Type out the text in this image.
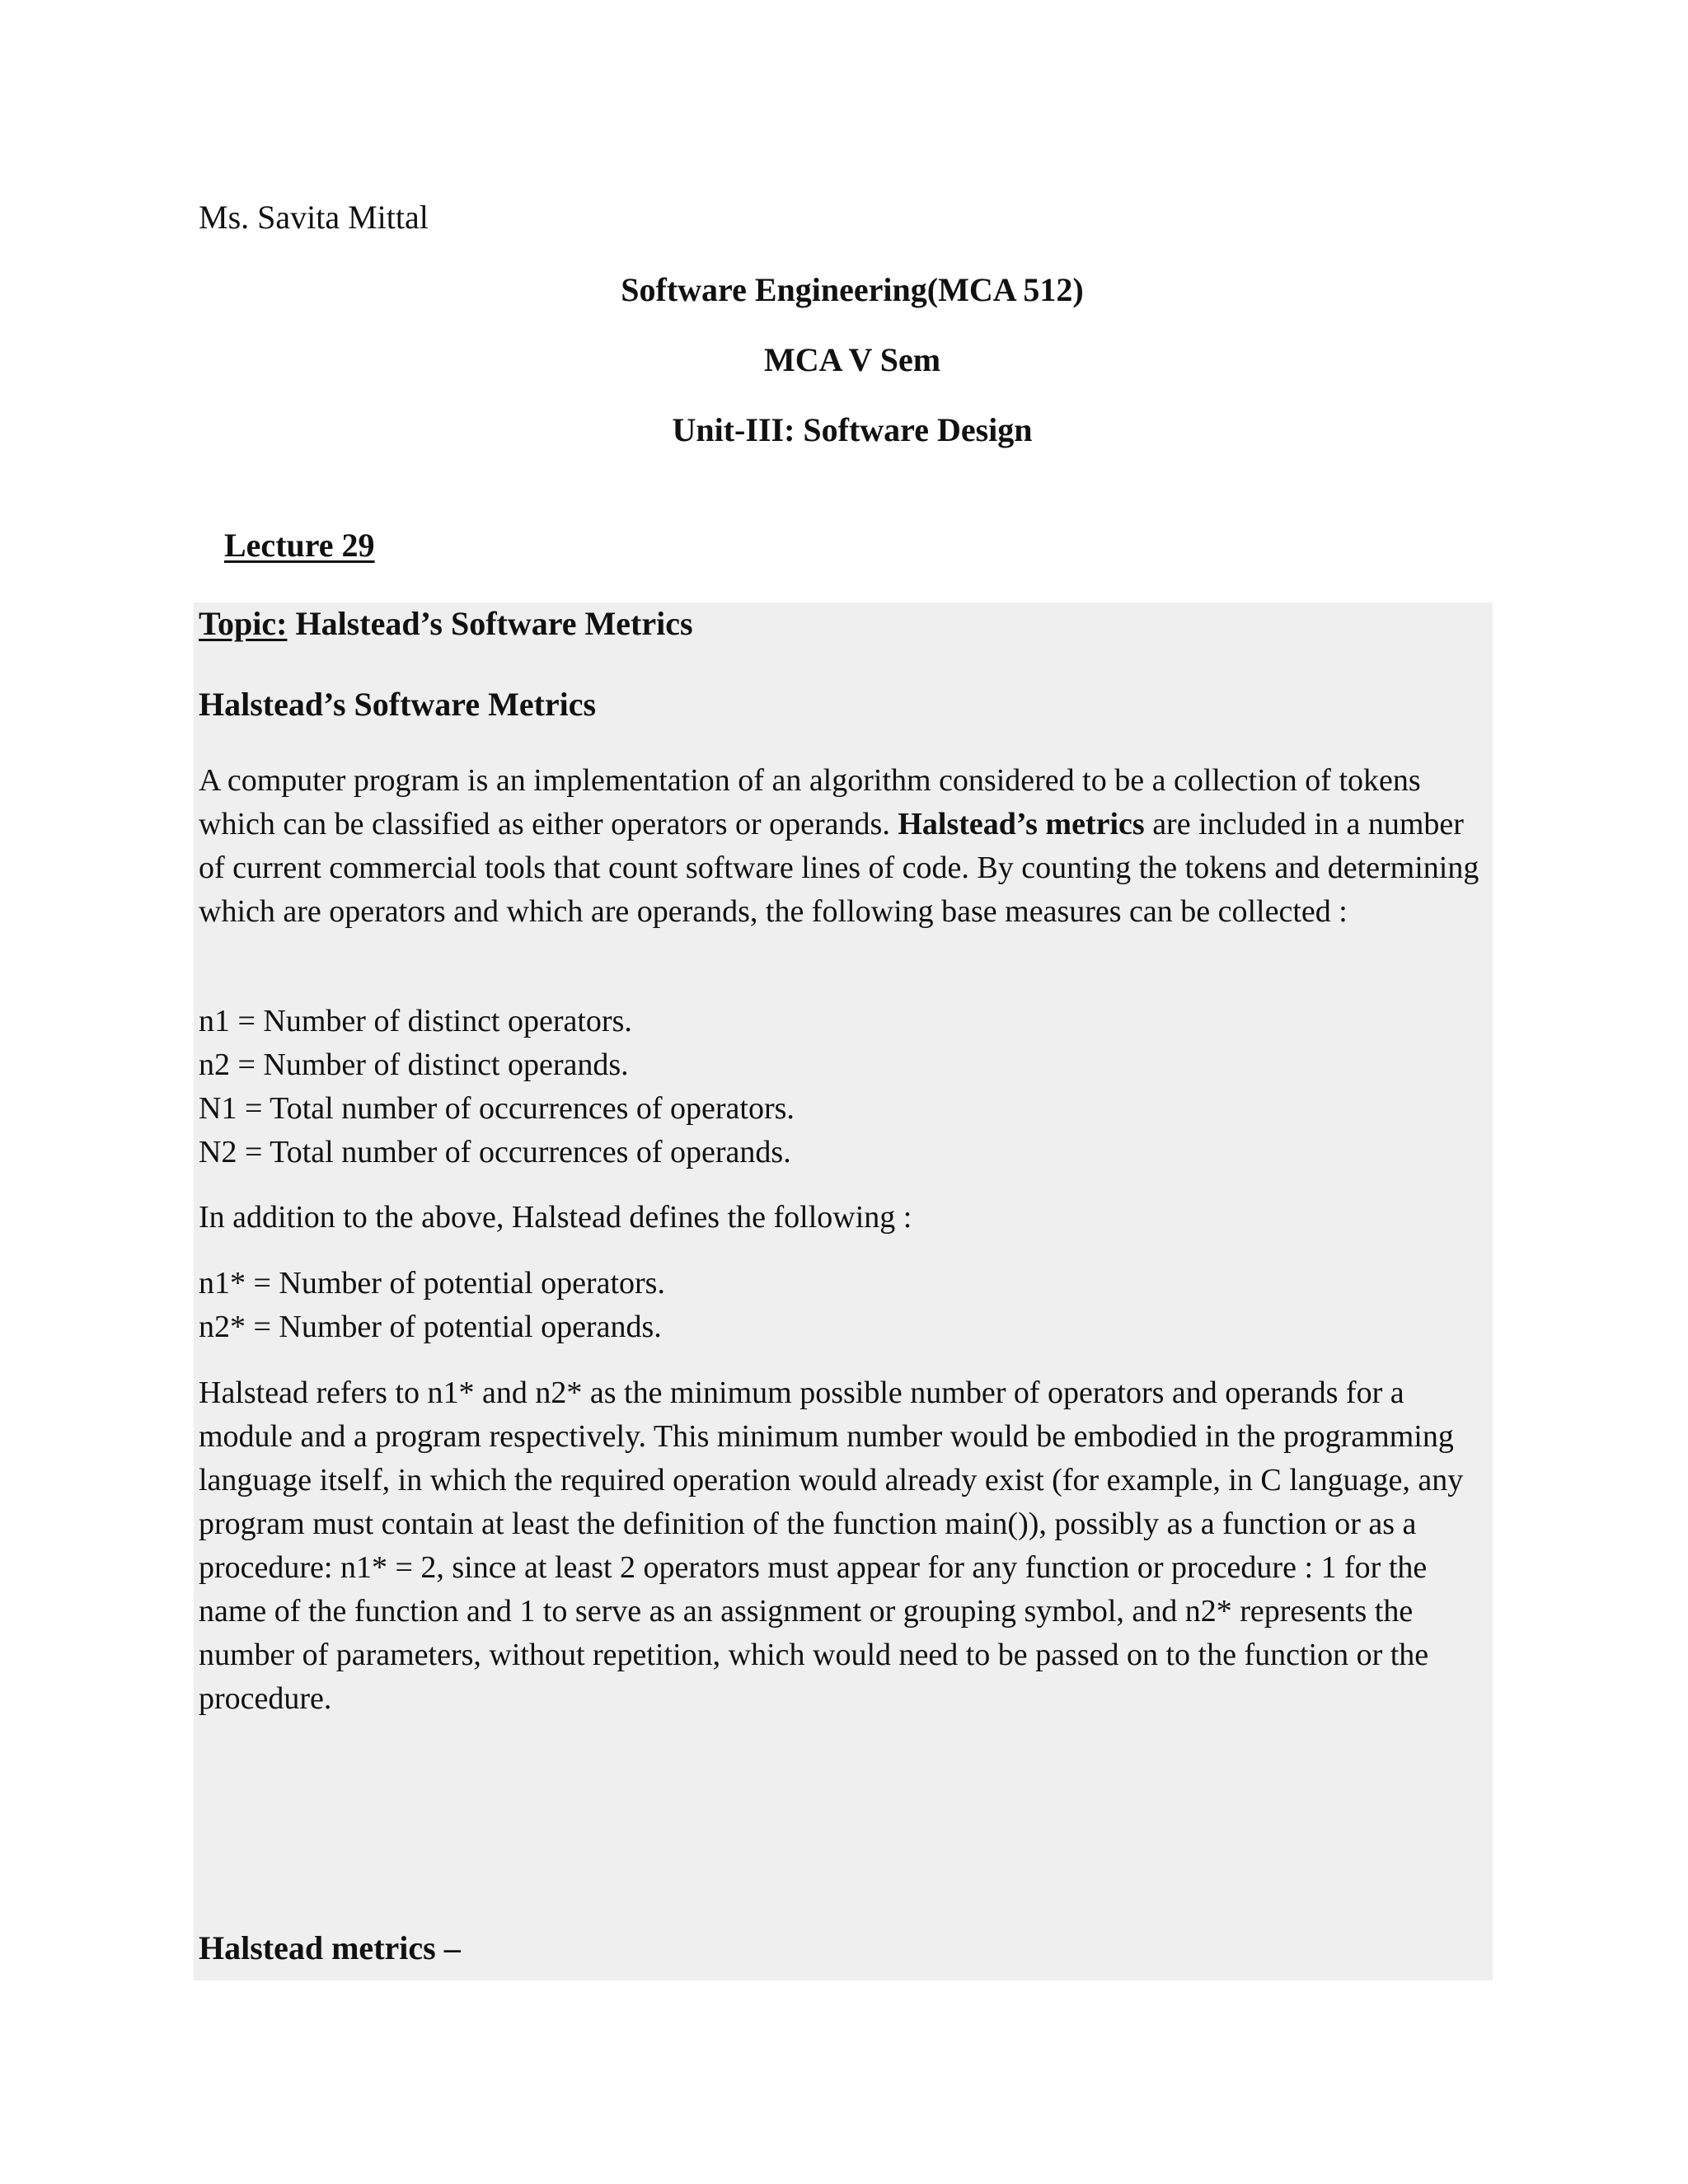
Ms. Savita Mittal
Software Engineering(MCA 512)
MCA V Sem
Unit-III: Software Design
Lecture 29
Topic: Halstead’s Software Metrics
Halstead’s Software Metrics

A computer program is an implementation of an algorithm considered to be a collection of tokens which can be classified as either operators or operands. Halstead’s metrics are included in a number of current commercial tools that count software lines of code. By counting the tokens and determining which are operators and which are operands, the following base measures can be collected :

n1 = Number of distinct operators.
n2 = Number of distinct operands.
N1 = Total number of occurrences of operators.
N2 = Total number of occurrences of operands.
In addition to the above, Halstead defines the following :
n1* = Number of potential operators.
n2* = Number of potential operands.

Halstead refers to n1* and n2* as the minimum possible number of operators and operands for a module and a program respectively. This minimum number would be embodied in the programming language itself, in which the required operation would already exist (for example, in C language, any program must contain at least the definition of the function main()), possibly as a function or as a procedure: n1* = 2, since at least 2 operators must appear for any function or procedure : 1 for the name of the function and 1 to serve as an assignment or grouping symbol, and n2* represents the number of parameters, without repetition, which would need to be passed on to the function or the procedure.

Halstead metrics –
